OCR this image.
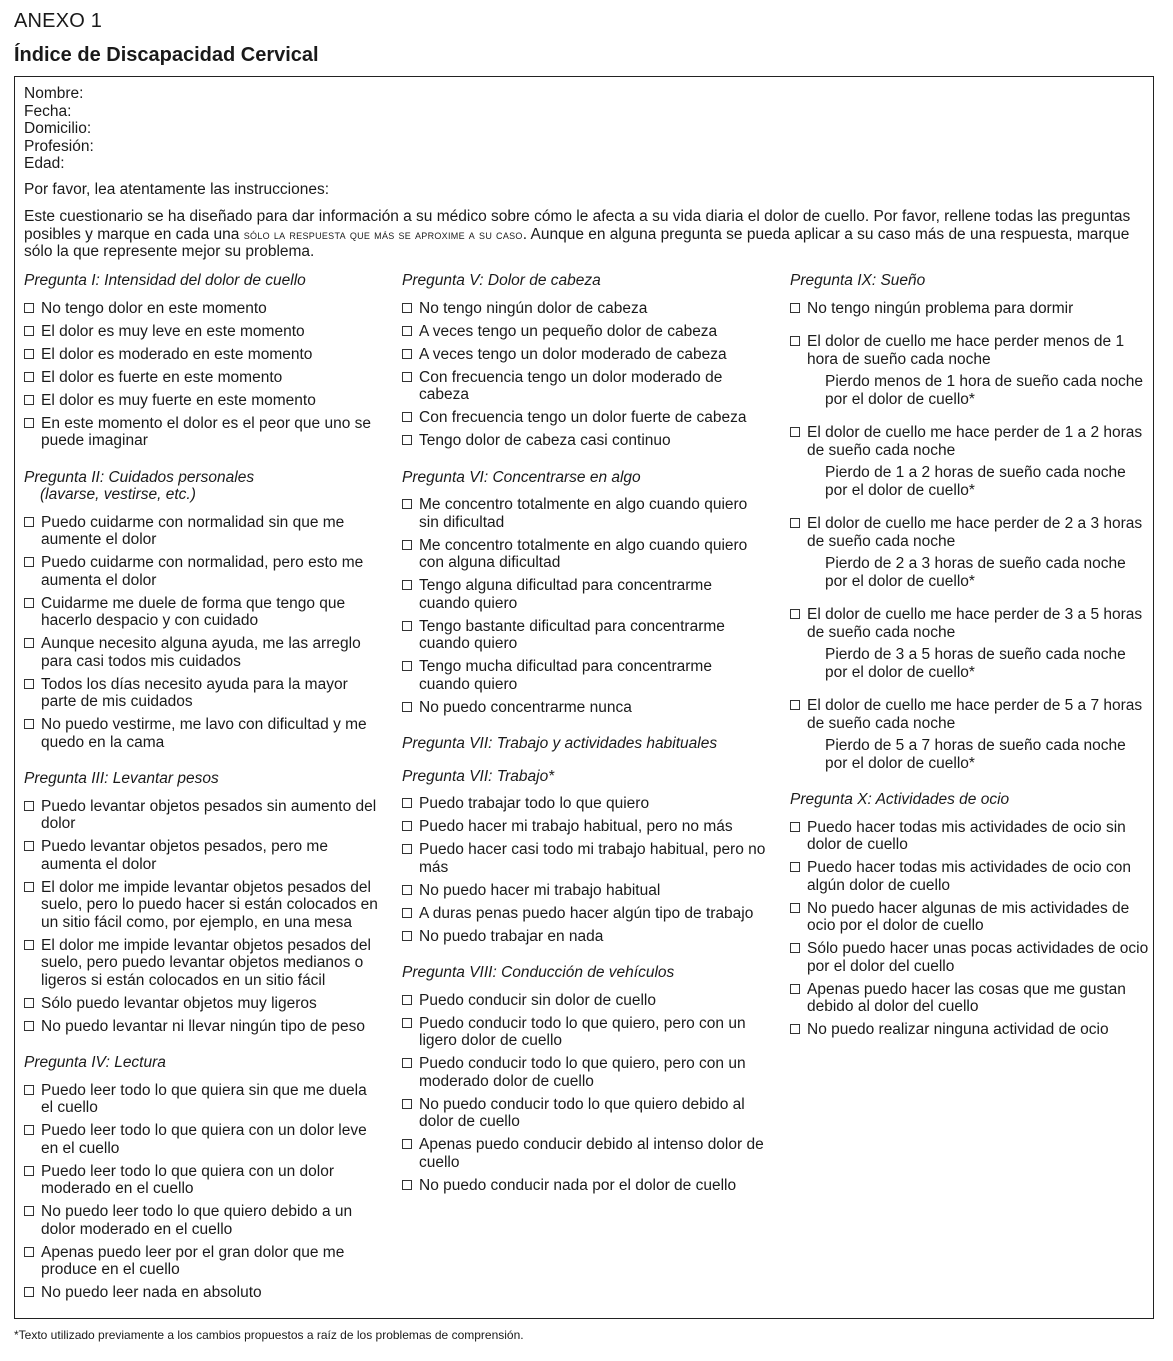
ANEXO 1
Índice de Discapacidad Cervical
Nombre:
Fecha:
Domicilio:
Profesión:
Edad:
Por favor, lea atentamente las instrucciones:
Este cuestionario se ha diseñado para dar información a su médico sobre cómo le afecta a su vida diaria el dolor de cuello. Por favor, rellene todas las preguntas posibles y marque en cada una sólo la respuesta que más se aproxime a su caso. Aunque en alguna pregunta se pueda aplicar a su caso más de una respuesta, marque sólo la que represente mejor su problema.
Pregunta I: Intensidad del dolor de cuello
No tengo dolor en este momento
El dolor es muy leve en este momento
El dolor es moderado en este momento
El dolor es fuerte en este momento
El dolor es muy fuerte en este momento
En este momento el dolor es el peor que uno se puede imaginar
Pregunta II: Cuidados personales
(lavarse, vestirse, etc.)
Puedo cuidarme con normalidad sin que me aumente el dolor
Puedo cuidarme con normalidad, pero esto me aumenta el dolor
Cuidarme me duele de forma que tengo que hacerlo despacio y con cuidado
Aunque necesito alguna ayuda, me las arreglo para casi todos mis cuidados
Todos los días necesito ayuda para la mayor parte de mis cuidados
No puedo vestirme, me lavo con dificultad y me quedo en la cama
Pregunta III: Levantar pesos
Puedo levantar objetos pesados sin aumento del dolor
Puedo levantar objetos pesados, pero me aumenta el dolor
El dolor me impide levantar objetos pesados del suelo, pero lo puedo hacer si están colocados en un sitio fácil como, por ejemplo, en una mesa
El dolor me impide levantar objetos pesados del suelo, pero puedo levantar objetos medianos o ligeros si están colocados en un sitio fácil
Sólo puedo levantar objetos muy ligeros
No puedo levantar ni llevar ningún tipo de peso
Pregunta IV: Lectura
Puedo leer todo lo que quiera sin que me duela el cuello
Puedo leer todo lo que quiera con un dolor leve en el cuello
Puedo leer todo lo que quiera con un dolor moderado en el cuello
No puedo leer todo lo que quiero debido a un dolor moderado en el cuello
Apenas puedo leer por el gran dolor que me produce en el cuello
No puedo leer nada en absoluto
Pregunta V: Dolor de cabeza
No tengo ningún dolor de cabeza
A veces tengo un pequeño dolor de cabeza
A veces tengo un dolor moderado de cabeza
Con frecuencia tengo un dolor moderado de cabeza
Con frecuencia tengo un dolor fuerte de cabeza
Tengo dolor de cabeza casi continuo
Pregunta VI: Concentrarse en algo
Me concentro totalmente en algo cuando quiero sin dificultad
Me concentro totalmente en algo cuando quiero con alguna dificultad
Tengo alguna dificultad para concentrarme cuando quiero
Tengo bastante dificultad para concentrarme cuando quiero
Tengo mucha dificultad para concentrarme cuando quiero
No puedo concentrarme nunca
Pregunta VII: Trabajo y actividades habituales
Pregunta VII: Trabajo*
Puedo trabajar todo lo que quiero
Puedo hacer mi trabajo habitual, pero no más
Puedo hacer casi todo mi trabajo habitual, pero no más
No puedo hacer mi trabajo habitual
A duras penas puedo hacer algún tipo de trabajo
No puedo trabajar en nada
Pregunta VIII: Conducción de vehículos
Puedo conducir sin dolor de cuello
Puedo conducir todo lo que quiero, pero con un ligero dolor de cuello
Puedo conducir todo lo que quiero, pero con un moderado dolor de cuello
No puedo conducir todo lo que quiero debido al dolor de cuello
Apenas puedo conducir debido al intenso dolor de cuello
No puedo conducir nada por el dolor de cuello
Pregunta IX: Sueño
No tengo ningún problema para dormir
El dolor de cuello me hace perder menos de 1 hora de sueño cada noche
Pierdo menos de 1 hora de sueño cada noche por el dolor de cuello*
El dolor de cuello me hace perder de 1 a 2 horas de sueño cada noche
Pierdo de 1 a 2 horas de sueño cada noche por el dolor de cuello*
El dolor de cuello me hace perder de 2 a 3 horas de sueño cada noche
Pierdo de 2 a 3 horas de sueño cada noche por el dolor de cuello*
El dolor de cuello me hace perder de 3 a 5 horas de sueño cada noche
Pierdo de 3 a 5 horas de sueño cada noche por el dolor de cuello*
El dolor de cuello me hace perder de 5 a 7 horas de sueño cada noche
Pierdo de 5 a 7 horas de sueño cada noche por el dolor de cuello*
Pregunta X: Actividades de ocio
Puedo hacer todas mis actividades de ocio sin dolor de cuello
Puedo hacer todas mis actividades de ocio con algún dolor de cuello
No puedo hacer algunas de mis actividades de ocio por el dolor de cuello
Sólo puedo hacer unas pocas actividades de ocio por el dolor del cuello
Apenas puedo hacer las cosas que me gustan debido al dolor del cuello
No puedo realizar ninguna actividad de ocio
*Texto utilizado previamente a los cambios propuestos a raíz de los problemas de comprensión.
